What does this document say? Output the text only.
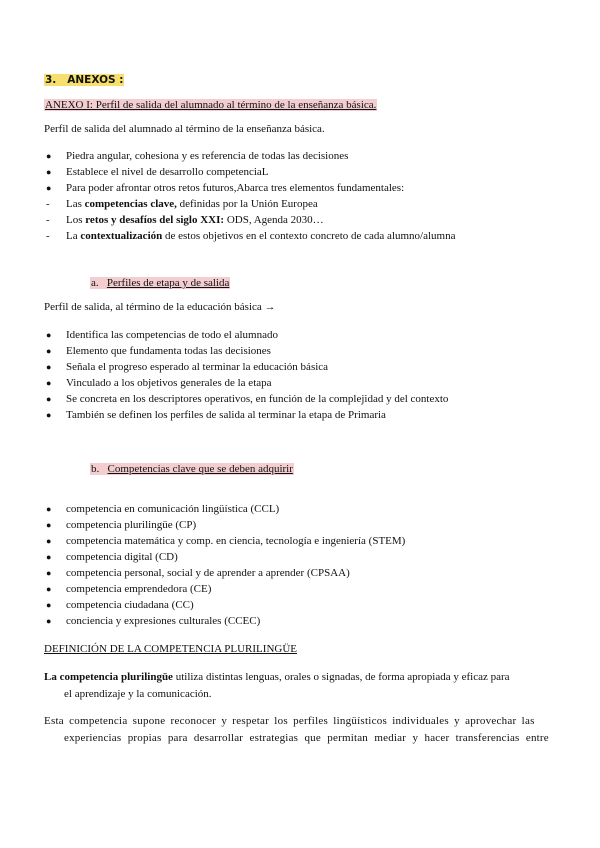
3. ANEXOS :
ANEXO I: Perfil de salida del alumnado al término de la enseñanza básica.
Perfil de salida del alumnado al término de la enseñanza básica.
●	Piedra angular, cohesiona y es referencia de todas las decisiones
●	Establece el nivel de desarrollo competenciaL
●	Para poder afrontar otros retos futuros,Abarca tres elementos fundamentales:
-	Las competencias clave, definidas por la Unión Europea
-	Los retos y desafíos del siglo XXI: ODS, Agenda 2030…
-	La contextualización de estos objetivos en el contexto concreto de cada alumno/alumna
a. Perfiles de etapa y de salida
Perfil de salida, al término de la educación básica →
●	Identifica las competencias de todo el alumnado
●	Elemento que fundamenta todas las decisiones
●	Señala el progreso esperado al terminar la educación básica
●	Vinculado a los objetivos generales de la etapa
●	Se concreta en los descriptores operativos, en función de la complejidad y del contexto
●	También se definen los perfiles de salida al terminar la etapa de Primaria
b. Competencias clave que se deben adquirir
●	competencia en comunicación lingüística (CCL)
●	competencia plurilingüe (CP)
●	competencia matemática y comp. en ciencia, tecnología e ingeniería (STEM)
●	competencia digital (CD)
●	competencia personal, social y de aprender a aprender (CPSAA)
●	competencia emprendedora (CE)
●	competencia ciudadana (CC)
●	conciencia y expresiones culturales (CCEC)
DEFINICIÓN DE LA COMPETENCIA PLURILINGÜE
La competencia plurilingüe utiliza distintas lenguas, orales o signadas, de forma apropiada y eficaz para
el aprendizaje y la comunicación.
Esta competencia supone reconocer y respetar los perfiles lingüísticos individuales y aprovechar las
experiencias propias para desarrollar estrategias que permitan mediar y hacer transferencias entre
